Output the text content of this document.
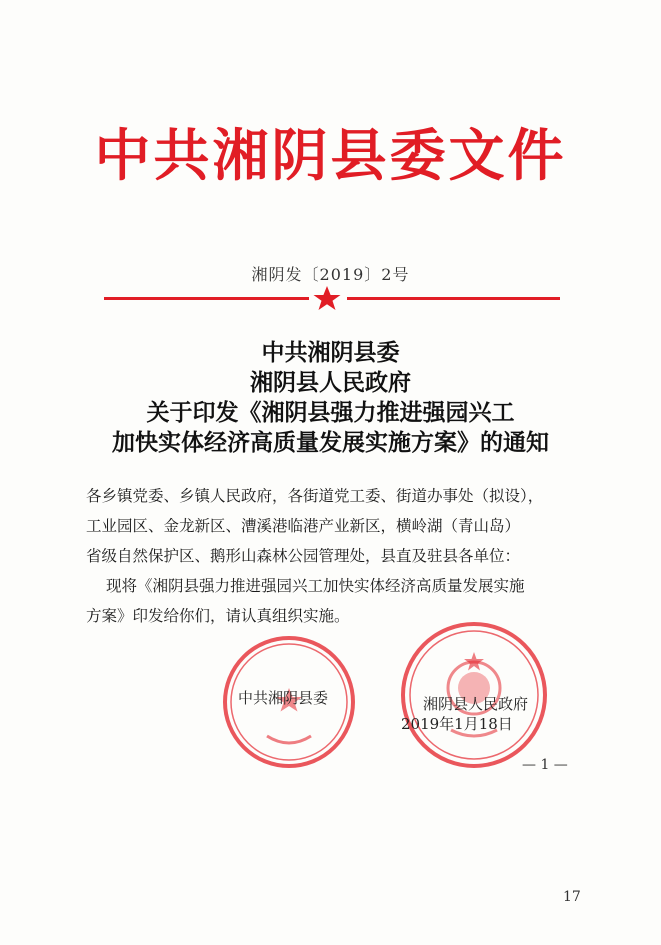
中共湘阴县委文件
湘阴发〔2019〕2号
中共湘阴县委
湘阴县人民政府
关于印发《湘阴县强力推进强园兴工
加快实体经济高质量发展实施方案》的通知

各乡镇党委、乡镇人民政府，各街道党工委、街道办事处（拟设），

工业园区、金龙新区、漕溪港临港产业新区，横岭湖（青山岛）

省级自然保护区、鹅形山森林公园管理处，县直及驻县各单位：

现将《湘阴县强力推进强园兴工加快实体经济高质量发展实施

方案》印发给你们，请认真组织实施。

中共湘阴县委	湘阴县人民政府
2019年1月18日
— 1 —
17
